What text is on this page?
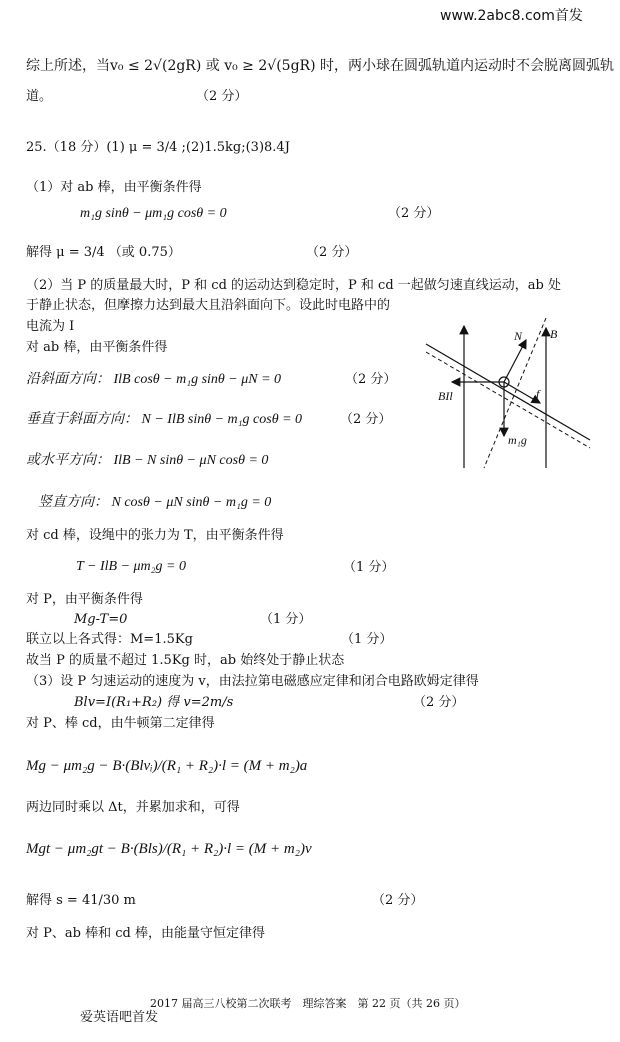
www.2abc8.com首发
综上所述，当v₀ ≤ 2√(2gR) 或 v₀ ≥ 2√(5gR) 时，两小球在圆弧轨道内运动时不会脱离圆弧轨
道。	（2 分）
25.（18 分）(1) μ = 3/4 ;(2)1.5kg;(3)8.4J
（1）对 ab 棒，由平衡条件得
m₁g sinθ − μm₁g cosθ = 0	（2 分）
解得 μ = 3/4 （或 0.75）	（2 分）
（2）当 P 的质量最大时，P 和 cd 的运动达到稳定时，P 和 cd 一起做匀速直线运动，ab 处
于静止状态，但摩擦力达到最大且沿斜面向下。设此时电路中的
电流为 I
对 ab 棒，由平衡条件得
沿斜面方向： IlB cosθ − m₁g sinθ − μN = 0	（2 分）
垂直于斜面方向： N − IlB sinθ − m₁g cosθ = 0	（2 分）
或水平方向： IlB − N sinθ − μN cosθ = 0
竖直方向： N cosθ − μN sinθ − m₁g = 0
对 cd 棒，设绳中的张力为 T，由平衡条件得
T − IlB − μm₂g = 0	（1 分）
对 P，由平衡条件得
Mg-T=0	（1 分）
联立以上各式得：M=1.5Kg	（1 分）
故当 P 的质量不超过 1.5Kg 时，ab 始终处于静止状态
（3）设 P 匀速运动的速度为 v，由法拉第电磁感应定律和闭合电路欧姆定律得
Blv=I(R₁+R₂) 得 v=2m/s	（2 分）
对 P、棒 cd，由牛顿第二定律得
Mg − μm₂g − B·(Blvᵢ)/(R₁ + R₂)·l = (M + m₂)a
两边同时乘以 Δt，并累加求和，可得
Mgt − μm₂gt − B·(Bls)/(R₁ + R₂)·l = (M + m₂)v
解得 s = 41/30 m	（2 分）
对 P、ab 棒和 cd 棒，由能量守恒定律得
N B
BIl	f
m₁g
2017 届高三八校第二次联考　理综答案　第 22 页（共 26 页）
爱英语吧首发
